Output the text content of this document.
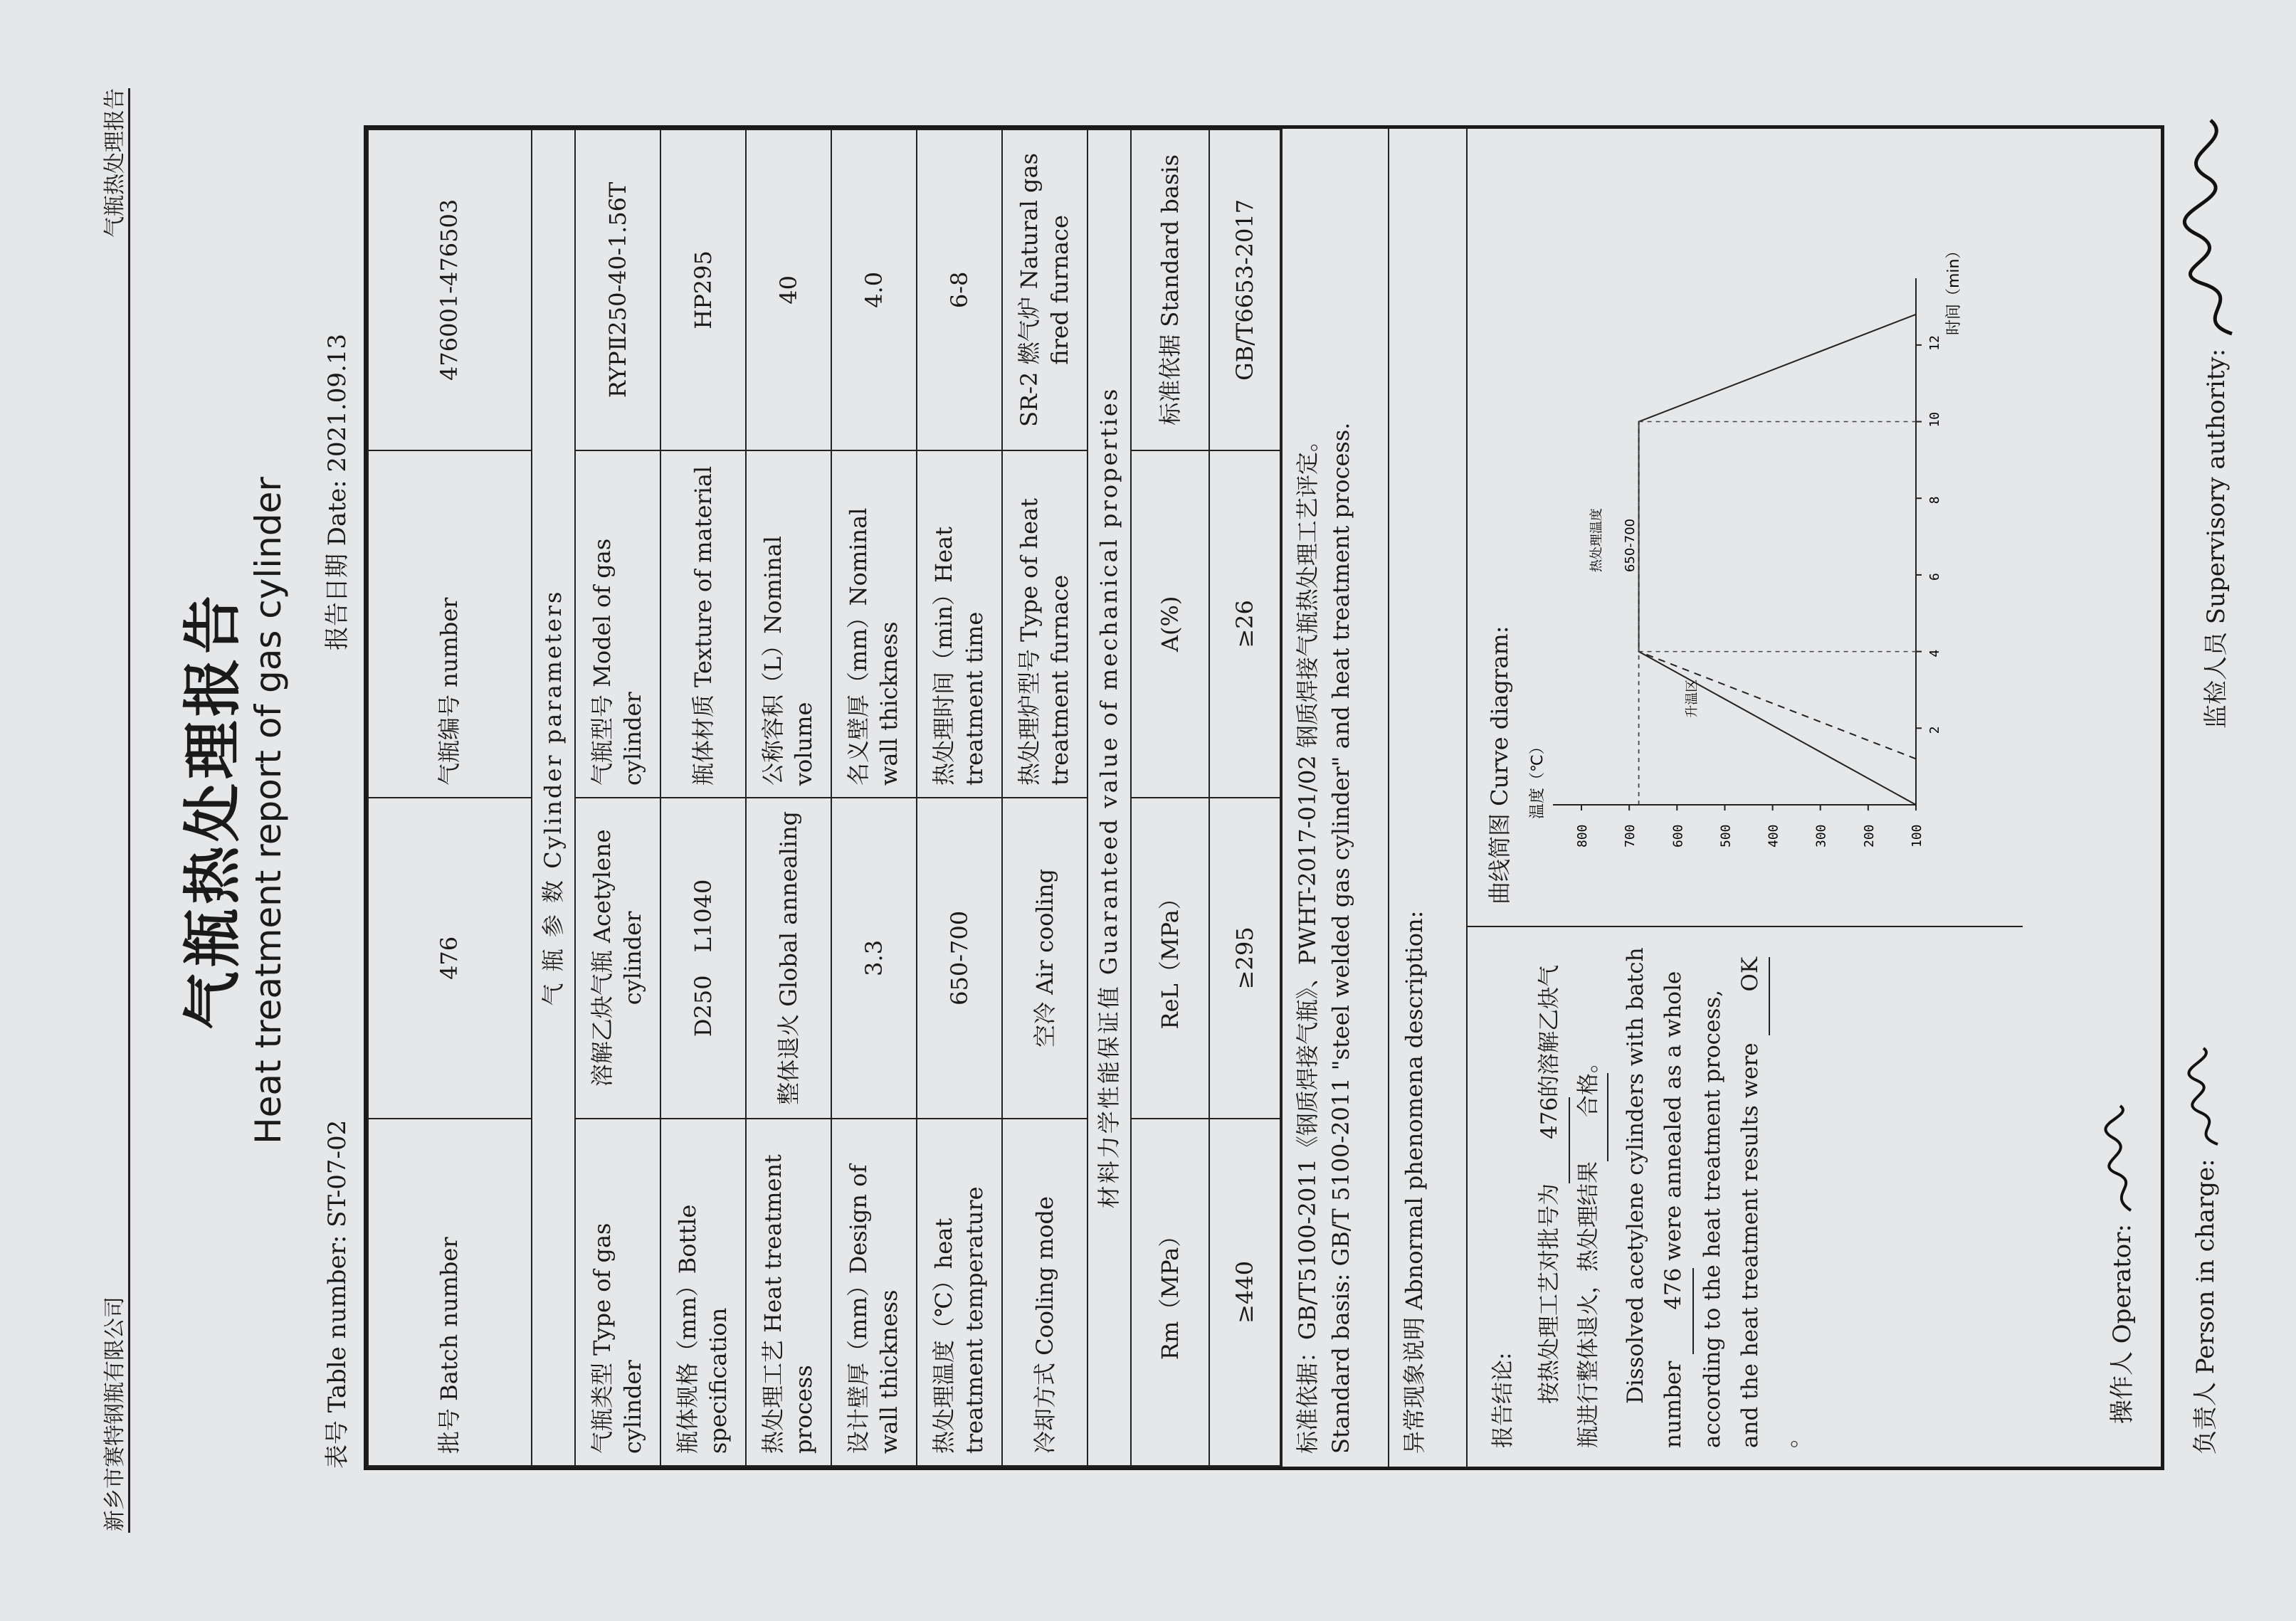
新乡市赛特钢瓶有限公司
气瓶热处理报告
气瓶热处理报告 Heat treatment report of gas cylinder
表号 Table number: ST-07-02
报告日期 Date: 2021.09.13
批号 Batch number	476	气瓶编号 number	476001-476503
气 瓶 参 数 Cylinder parameters			
气瓶类型 Type of gas cylinder	溶解乙炔气瓶 Acetylene cylinder	气瓶型号 Model of gas cylinder	RYPⅡ250-40-1.56T
瓶体规格（mm）Bottle specification	D250　L1040	瓶体材质 Texture of material	HP295
热处理工艺 Heat treatment process	整体退火 Global annealing	公称容积（L）Nominal volume	40
设计壁厚（mm）Design of wall thickness	3.3	名义壁厚（mm）Nominal wall thickness	4.0
热处理温度（℃）heat treatment temperature	650-700	热处理时间（min）Heat treatment time	6-8
冷却方式 Cooling mode	空冷 Air cooling	热处理炉型号 Type of heat treatment furnace	SR-2 燃气炉 Natural gas fired furnace
材料力学性能保证值 Guaranteed value of mechanical properties			
Rm（MPa）	ReL（MPa）	A(%)	标准依据 Standard basis
≥440	≥295	≥26	GB/T6653-2017
标准依据：GB/T5100-2011《钢质焊接气瓶》、PWHT-2017-01/02 钢质焊接气瓶热处理工艺评定。 Standard basis: GB/T 5100-2011 "steel welded gas cylinder" and heat treatment process.	异常现象说明 Abnormal phenomena description:	报告结论: 按热处理工艺对批号为476的溶解乙炔气瓶进行整体退火，热处理结果合格。 Dissolved acetylene cylinders with batch number 476 were annealed as a whole according to the heat treatment process, and the heat treatment results were OK。

曲线简图 Curve diagram: 温度（℃）
时间（min）
100
200
300
400
500
600
700
800
2
4
6
8
10
12
热处理温度 650-700
升温区
操作人 Operator:	负责人 Person in charge:
监检人员 Supervisory authority:
